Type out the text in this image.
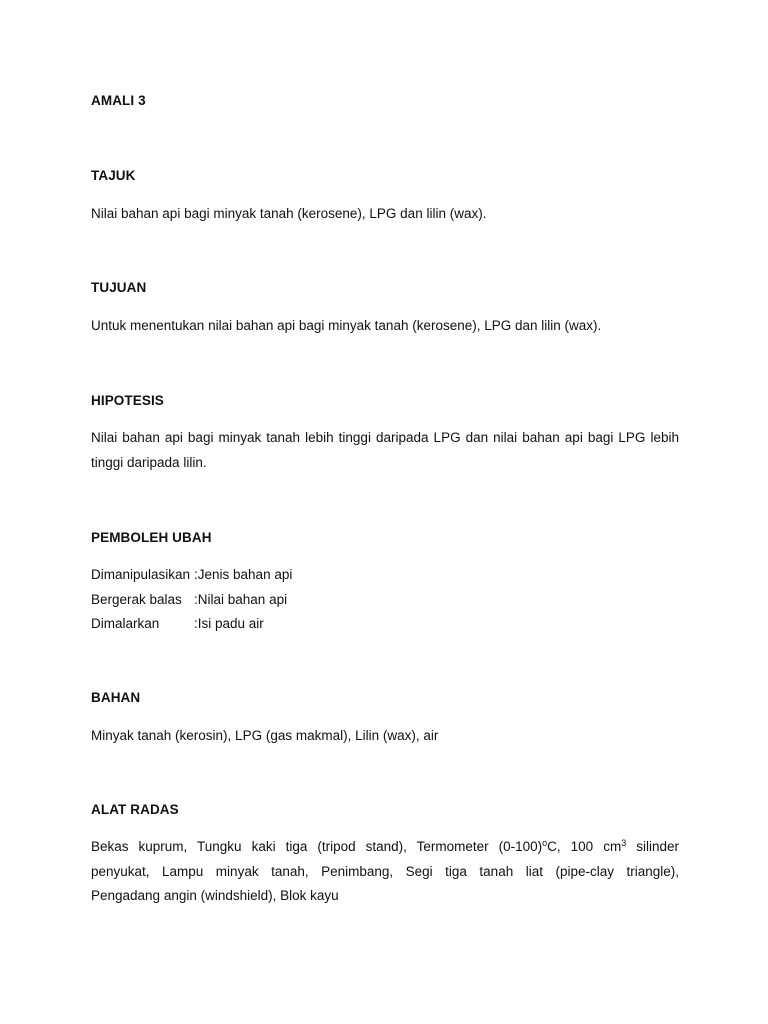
AMALI 3
TAJUK
Nilai bahan api bagi minyak tanah (kerosene), LPG dan lilin (wax).
TUJUAN
Untuk menentukan nilai bahan api bagi minyak tanah (kerosene), LPG dan lilin (wax).
HIPOTESIS
Nilai bahan api bagi minyak tanah lebih tinggi daripada LPG dan nilai bahan api bagi LPG lebih tinggi daripada lilin.
PEMBOLEH UBAH
Dimanipulasikan : Jenis bahan api
Bergerak balas : Nilai bahan api
Dimalarkan	: Isi padu air
BAHAN
Minyak tanah (kerosin), LPG (gas makmal), Lilin (wax), air
ALAT RADAS
Bekas kuprum, Tungku kaki tiga (tripod stand), Termometer $(0-100)^oC$, 100 $cm^3$ silinder
penyukat, Lampu minyak tanah, Penimbang, Segi tiga tanah liat (pipe-clay triangle),
Pengadang angin (windshield), Blok kayu
